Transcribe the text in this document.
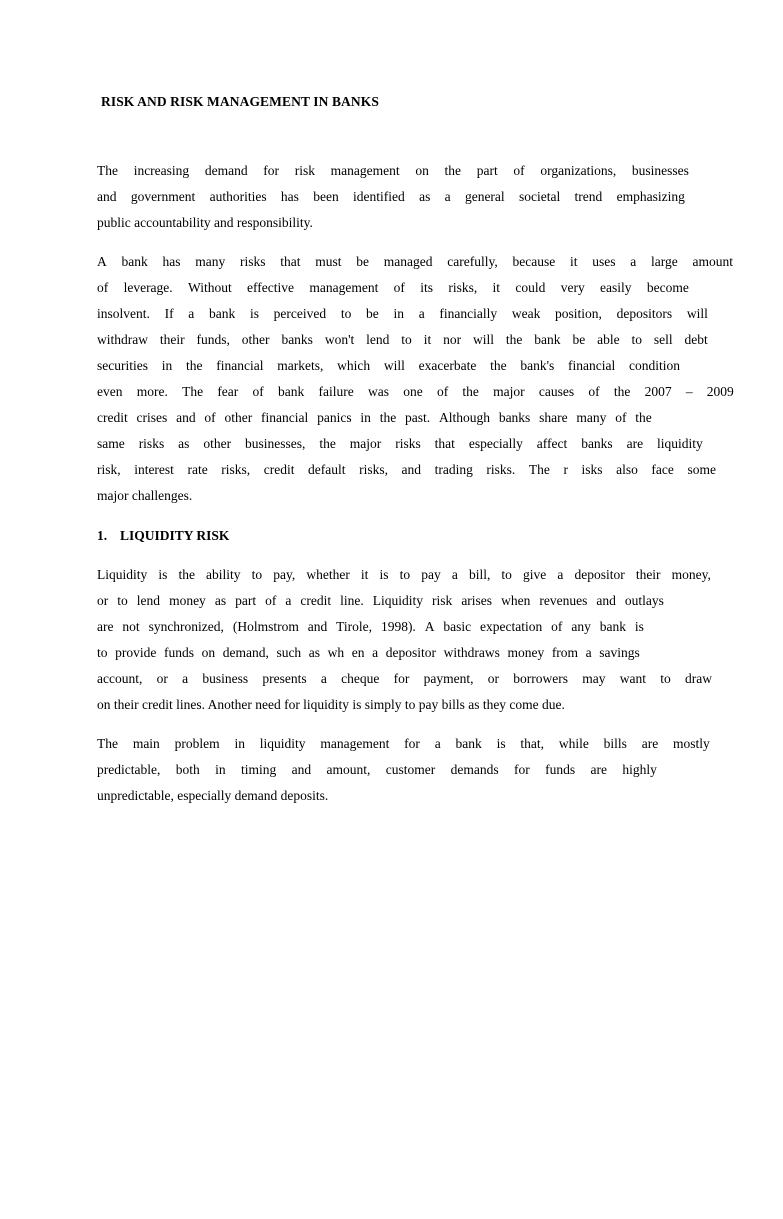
RISK AND RISK MANAGEMENT IN BANKS
The increasing demand for risk management on the part of organizations, businesses
and government authorities has been identified as a general societal trend emphasizing
public accountability and responsibility.
A bank has many risks that must be managed carefully, because it uses a large amount
of leverage. Without effective management of its risks, it could very easily become
insolvent. If a bank is perceived to be in a financially weak position, depositors will
withdraw their funds, other banks won't lend to it nor will the bank be able to sell debt
securities in the financial markets, which will exacerbate the bank's financial condition
even more. The fear of bank failure was one of the major causes of the 2007 – 2009
credit crises and of other financial panics in the past. Although banks share many of the
same risks as other businesses, the major risks that especially affect banks are liquidity
risk, interest rate risks, credit default risks, and trading risks. The r isks also face some
major challenges.
1. LIQUIDITY RISK
Liquidity is the ability to pay, whether it is to pay a bill, to give a depositor their money,
or to lend money as part of a credit line. Liquidity risk arises when revenues and outlays
are not synchronized, (Holmstrom and Tirole, 1998). A basic expectation of any bank is
to provide funds on demand, such as wh en a depositor withdraws money from a savings
account, or a business presents a cheque for payment, or borrowers may want to draw
on their credit lines. Another need for liquidity is simply to pay bills as they come due.
The main problem in liquidity management for a bank is that, while bills are mostly
predictable, both in timing and amount, customer demands for funds are highly
unpredictable, especially demand deposits.
